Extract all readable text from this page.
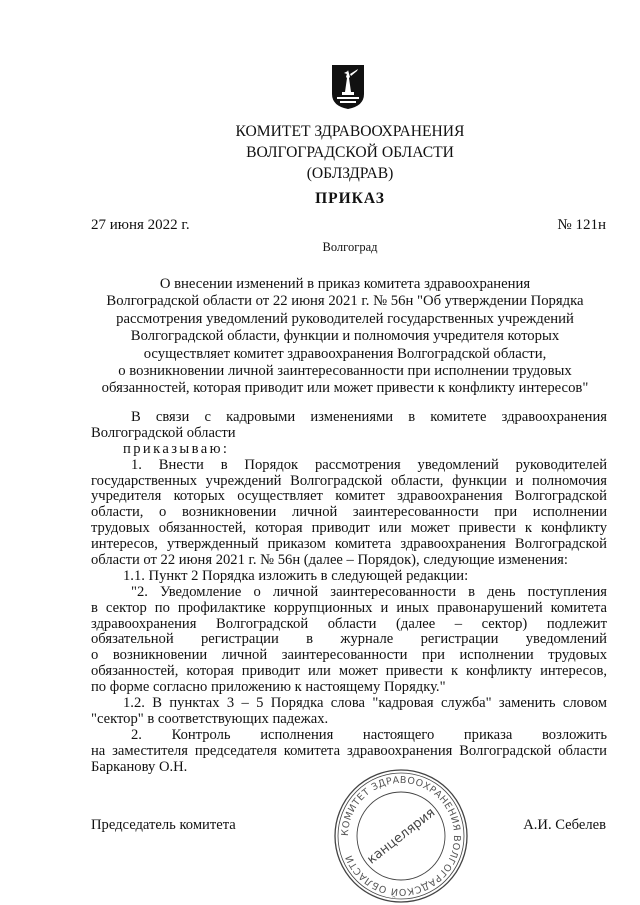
КОМИТЕТ ЗДРАВООХРАНЕНИЯ
ВОЛГОГРАДСКОЙ ОБЛАСТИ
(ОБЛЗДРАВ)
ПРИКАЗ
27 июня 2022 г.	№ 121н
Волгоград
О внесении изменений в приказ комитета здравоохранения
Волгоградской области от 22 июня 2021 г. № 56н "Об утверждении Порядка
рассмотрения уведомлений руководителей государственных учреждений
Волгоградской области, функции и полномочия учредителя которых
осуществляет комитет здравоохранения Волгоградской области,
о возникновении личной заинтересованности при исполнении трудовых
обязанностей, которая приводит или может привести к конфликту интересов"
В связи с кадровыми изменениями в комитете здравоохранения
Волгоградской области
приказываю:
1. Внести в Порядок рассмотрения уведомлений руководителей
государственных учреждений Волгоградской области, функции и полномочия
учредителя которых осуществляет комитет здравоохранения Волгоградской
области, о возникновении личной заинтересованности при исполнении
трудовых обязанностей, которая приводит или может привести к конфликту
интересов, утвержденный приказом комитета здравоохранения Волгоградской
области от 22 июня 2021 г. № 56н (далее – Порядок), следующие изменения:
1.1. Пункт 2 Порядка изложить в следующей редакции:
"2. Уведомление о личной заинтересованности в день поступления
в сектор по профилактике коррупционных и иных правонарушений комитета
здравоохранения Волгоградской области (далее – сектор) подлежит
обязательной регистрации в журнале регистрации уведомлений
о возникновении личной заинтересованности при исполнении трудовых
обязанностей, которая приводит или может привести к конфликту интересов,
по форме согласно приложению к настоящему Порядку."
1.2. В пунктах 3 – 5 Порядка слова "кадровая служба" заменить словом
"сектор" в соответствующих падежах.
2. Контроль исполнения настоящего приказа возложить
на заместителя председателя комитета здравоохранения Волгоградской области
Барканову О.Н.
Председатель комитета	А.И. Себелев
КОМИТЕТ ЗДРАВООХРАНЕНИЯ ВОЛГОГРАДСКОЙ ОБЛАСТИ канцелярия
